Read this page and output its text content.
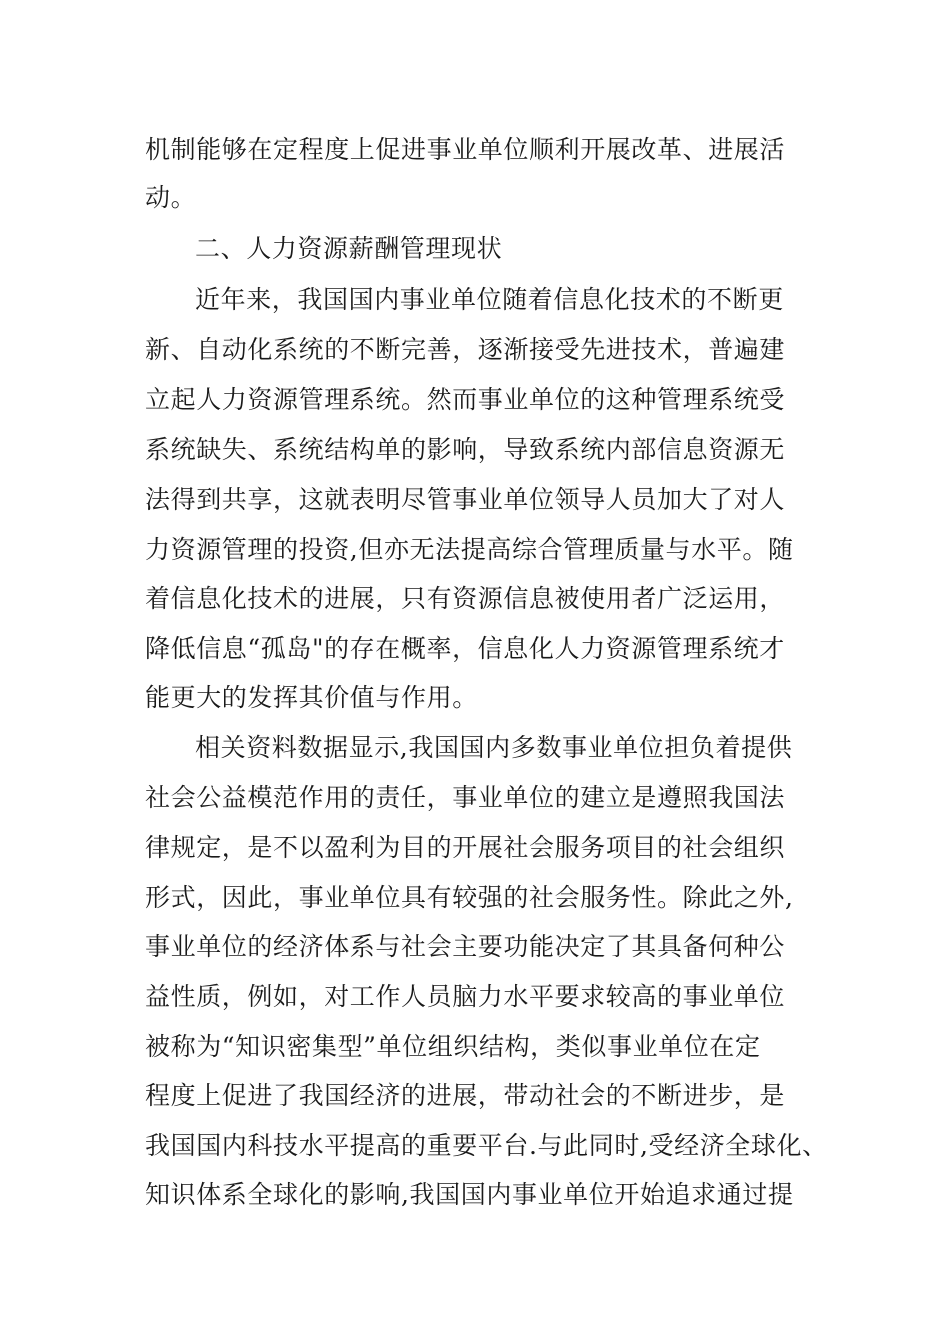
机制能够在定程度上促进事业单位顺利开展改革、进展活
动。
二、人力资源薪酬管理现状
近年来，我国国内事业单位随着信息化技术的不断更
新、自动化系统的不断完善，逐渐接受先进技术，普遍建
立起人力资源管理系统。然而事业单位的这种管理系统受
系统缺失、系统结构单的影响，导致系统内部信息资源无
法得到共享，这就表明尽管事业单位领导人员加大了对人
力资源管理的投资,但亦无法提高综合管理质量与水平。随
着信息化技术的进展，只有资源信息被使用者广泛运用，
降低信息“孤岛"的存在概率，信息化人力资源管理系统才
能更大的发挥其价值与作用。
相关资料数据显示,我国国内多数事业单位担负着提供
社会公益模范作用的责任，事业单位的建立是遵照我国法
律规定，是不以盈利为目的开展社会服务项目的社会组织
形式，因此，事业单位具有较强的社会服务性。除此之外,
事业单位的经济体系与社会主要功能决定了其具备何种公
益性质，例如，对工作人员脑力水平要求较高的事业单位
被称为“知识密集型”单位组织结构，类似事业单位在定
程度上促进了我国经济的进展，带动社会的不断进步，是
我国国内科技水平提高的重要平台.与此同时,受经济全球化、
知识体系全球化的影响,我国国内事业单位开始追求通过提
